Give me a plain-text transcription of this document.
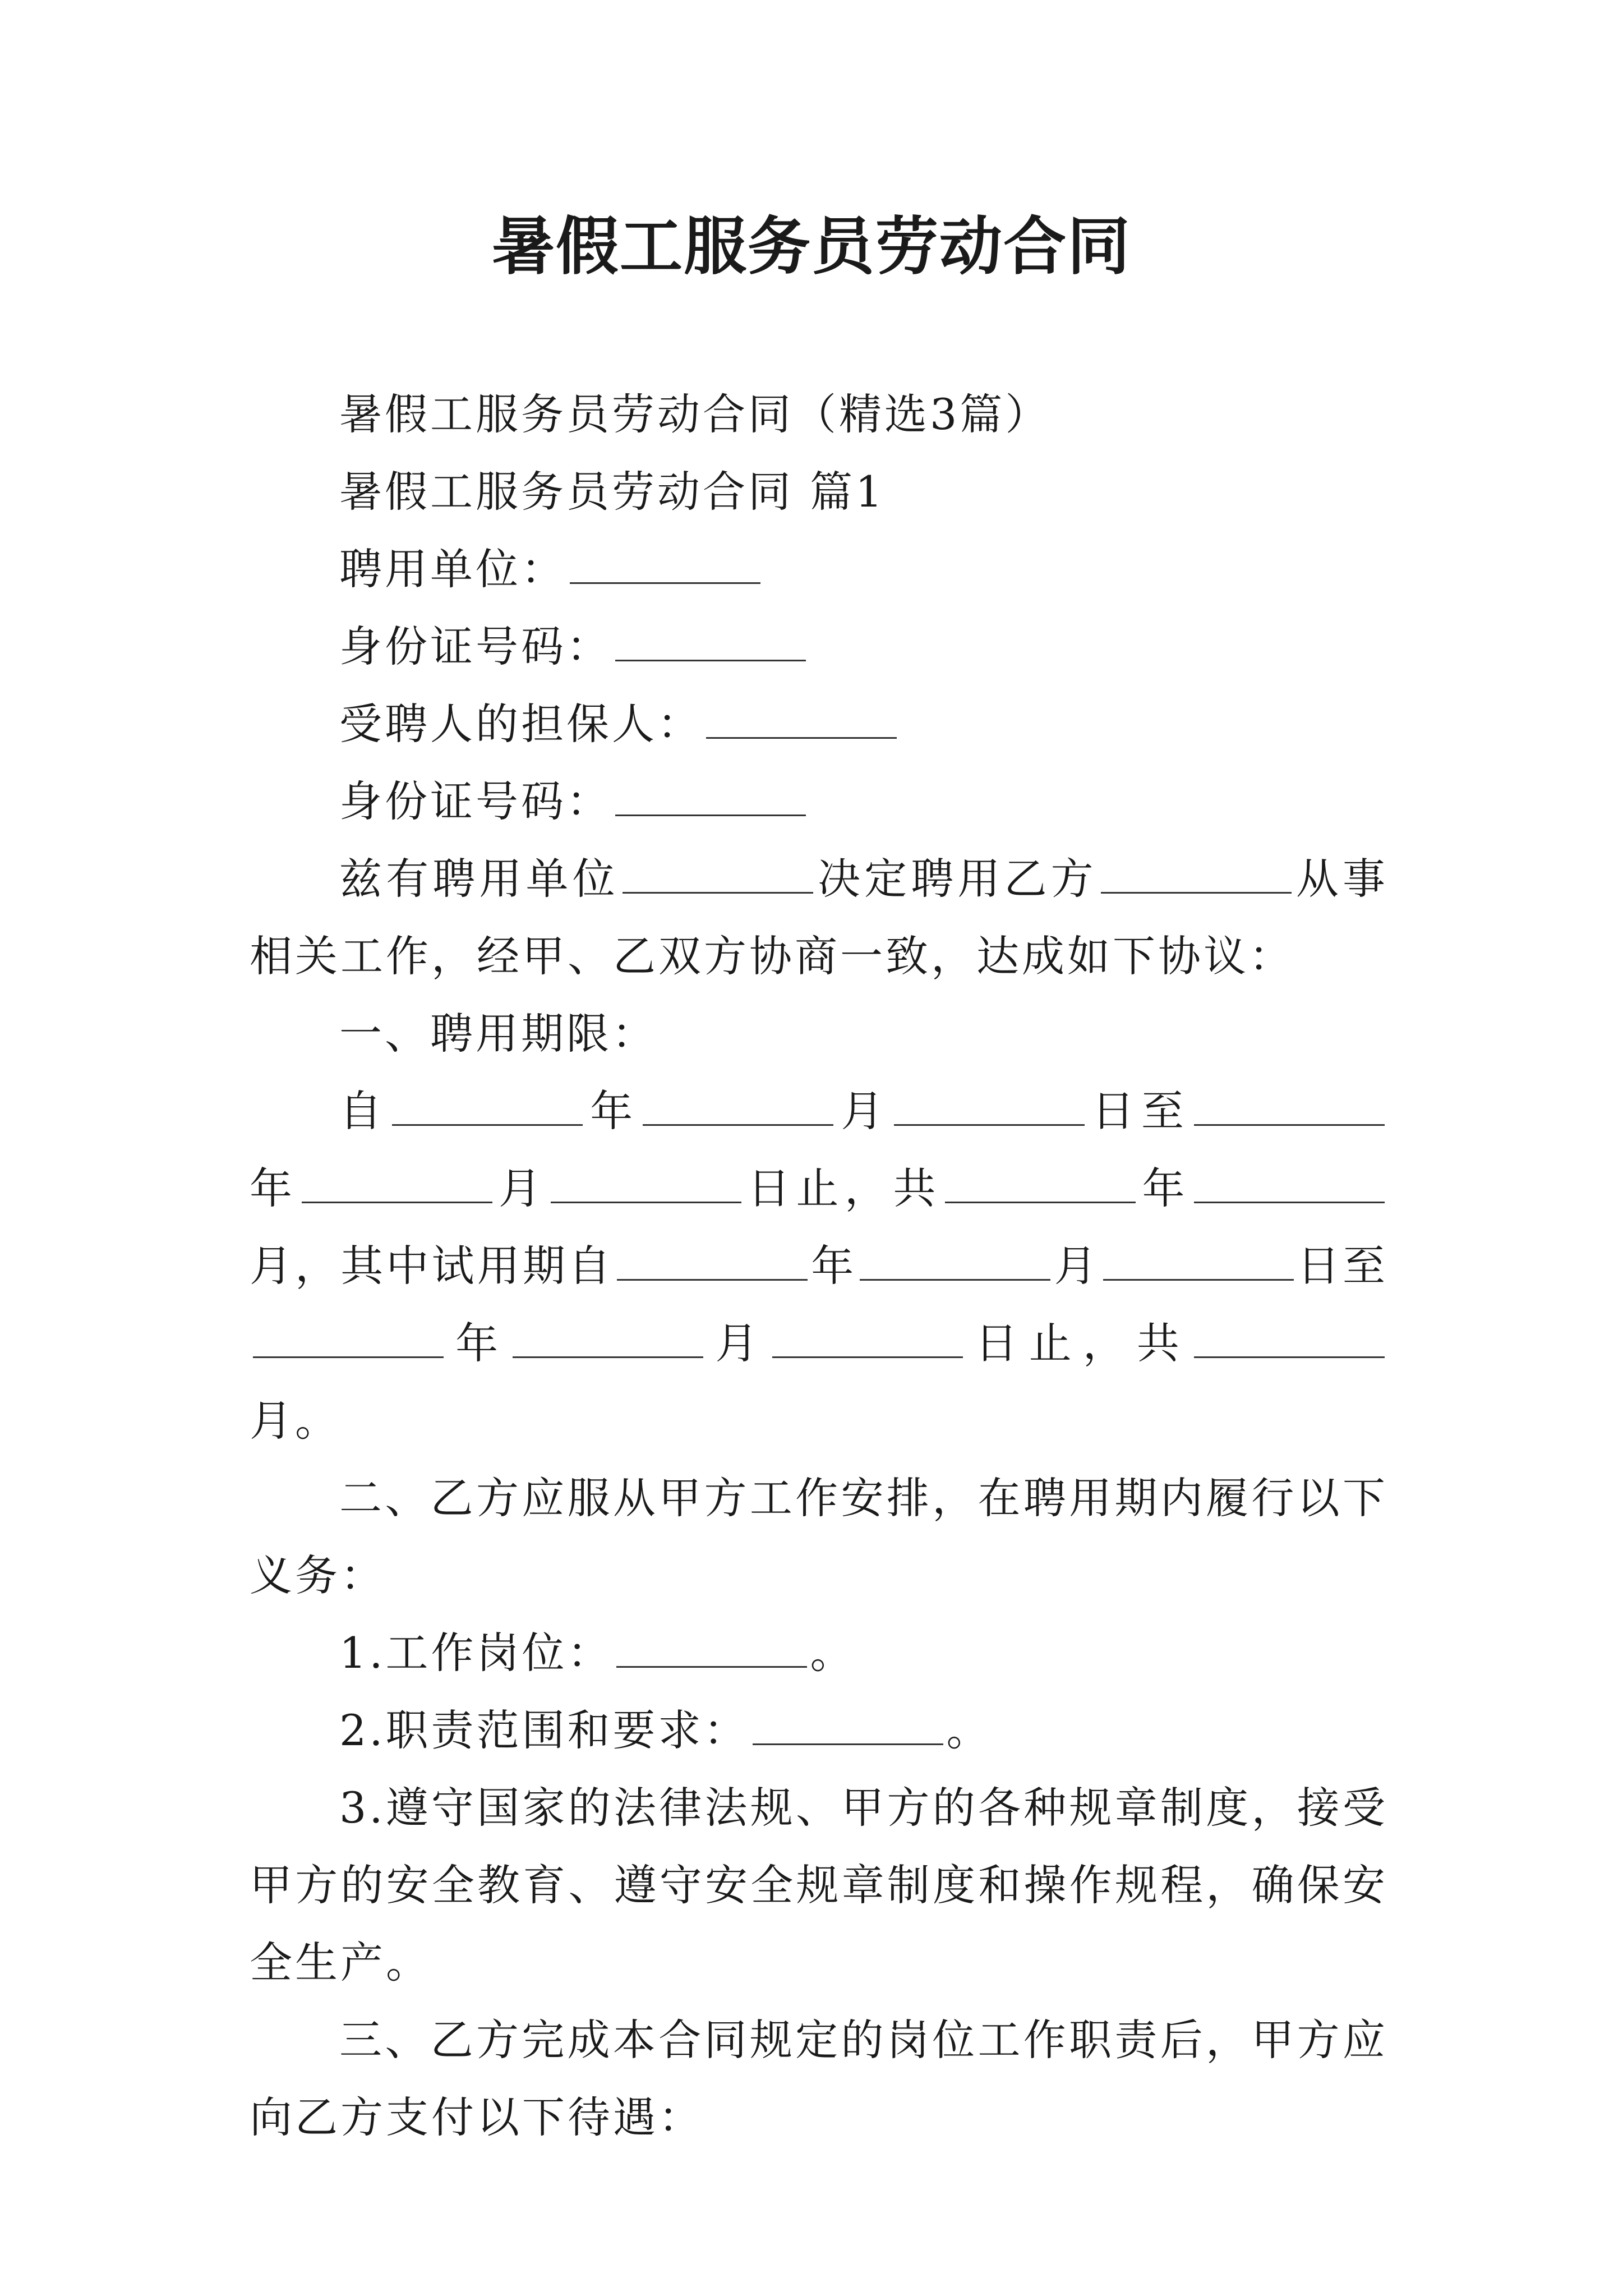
暑假工服务员劳动合同

暑假工服务员劳动合同（精选3篇）

暑假工服务员劳动合同 篇1

聘用单位：

身份证号码：

受聘人的担保人：

身份证号码：

兹有聘用单位	决定聘用乙方	从事相关工作，经甲、乙双方协商一致，达成如下协议：

一、聘用期限：

自	年	月	日至年	月	日止，共	年月，其中试用期自	年	月	日至年	月	日止，共月。

二、乙方应服从甲方工作安排，在聘用期内履行以下义务：

1.工作岗位：	。

2.职责范围和要求：	。

3.遵守国家的法律法规、甲方的各种规章制度，接受甲方的安全教育、遵守安全规章制度和操作规程，确保安全生产。

三、乙方完成本合同规定的岗位工作职责后，甲方应向乙方支付以下待遇：
